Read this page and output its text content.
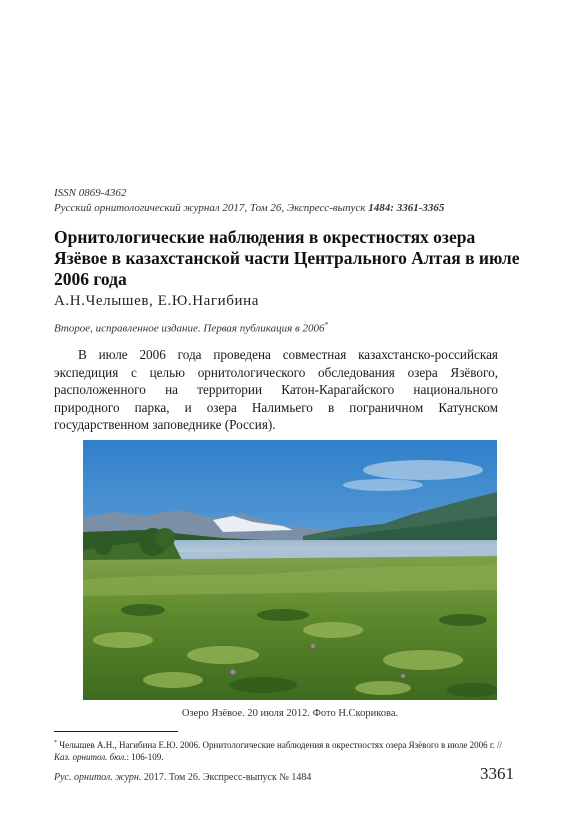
ISSN 0869-4362
Русский орнитологический журнал 2017, Том 26, Экспресс-выпуск 1484: 3361-3365
Орнитологические наблюдения в окрестностях озера Язёвое в казахстанской части Центрального Алтая в июле 2006 года
А.Н.Челышев, Е.Ю.Нагибина
Второе, исправленное издание. Первая публикация в 2006*
В июле 2006 года проведена совместная казахстанско-российская экспедиция с целью орнитологического обследования озера Язёвого, расположенного на территории Катон-Карагайского национального природного парка, и озера Налимьего в пограничном Катунском государственном заповеднике (Россия).
Озеро Язёвое. 20 июля 2012. Фото Н.Скорикова.
* Челышев А.Н., Нагибина Е.Ю. 2006. Орнитологические наблюдения в окрестностях озера Язёвого в июле 2006 г. // Каз. орнитол. бюл.: 106-109.
Рус. орнитол. журн. 2017. Том 26. Экспресс-выпуск № 1484	3361
